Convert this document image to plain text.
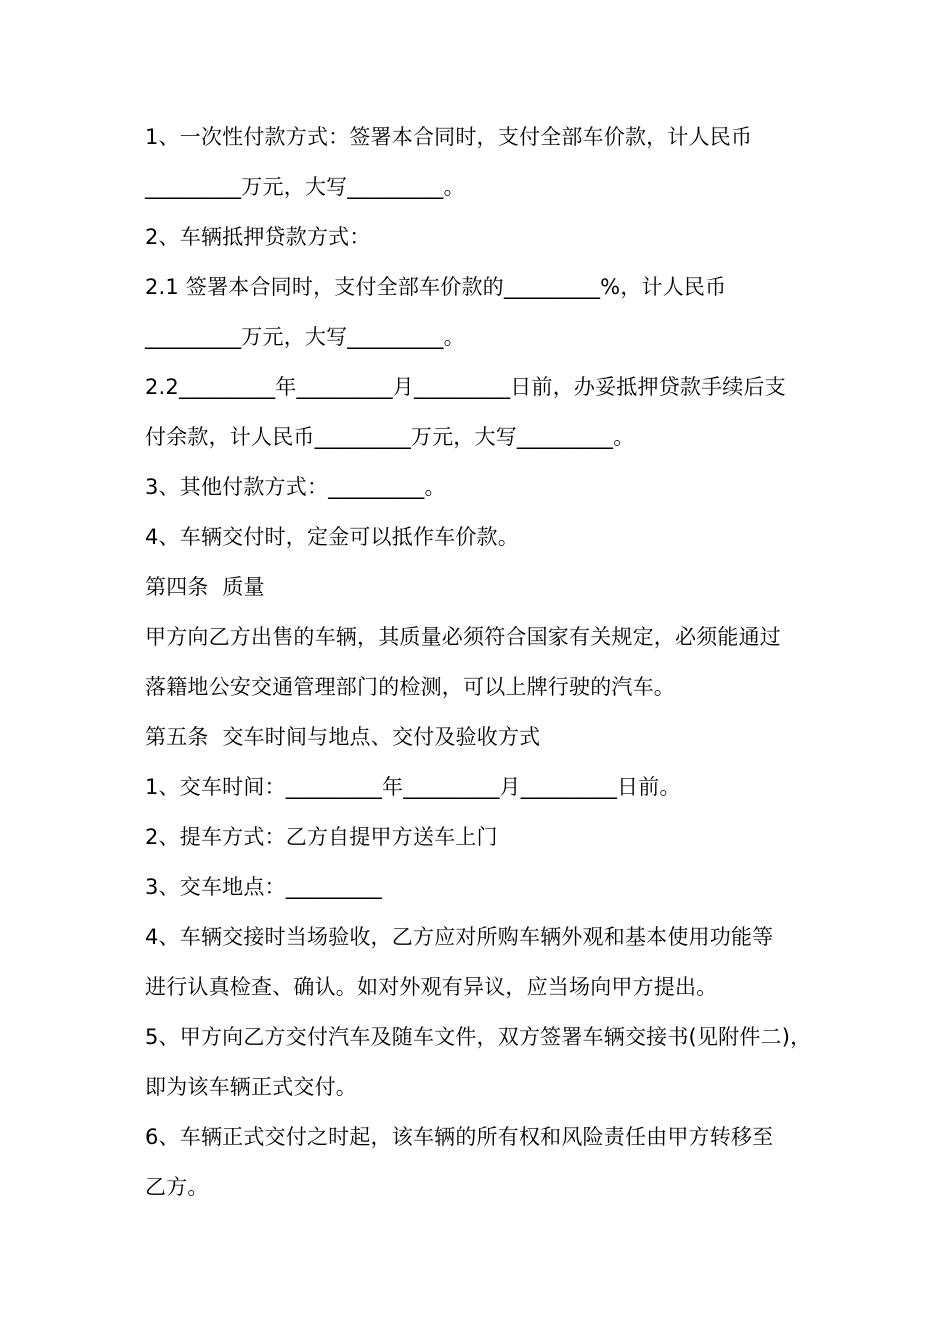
1、一次性付款方式：签署本合同时，支付全部车价款，计人民币
_________万元，大写_________。
2、车辆抵押贷款方式：
2.1 签署本合同时，支付全部车价款的_________%，计人民币
_________万元，大写_________。
2.2_________年_________月_________日前，办妥抵押贷款手续后支
付余款，计人民币_________万元，大写_________。
3、其他付款方式：_________。
4、车辆交付时，定金可以抵作车价款。
第四条  质量
甲方向乙方出售的车辆，其质量必须符合国家有关规定，必须能通过
落籍地公安交通管理部门的检测，可以上牌行驶的汽车。
第五条  交车时间与地点、交付及验收方式
1、交车时间：_________年_________月_________日前。
2、提车方式：乙方自提甲方送车上门
3、交车地点：_________
4、车辆交接时当场验收，乙方应对所购车辆外观和基本使用功能等
进行认真检查、确认。如对外观有异议，应当场向甲方提出。
5、甲方向乙方交付汽车及随车文件，双方签署车辆交接书(见附件二)，
即为该车辆正式交付。
6、车辆正式交付之时起，该车辆的所有权和风险责任由甲方转移至
乙方。
